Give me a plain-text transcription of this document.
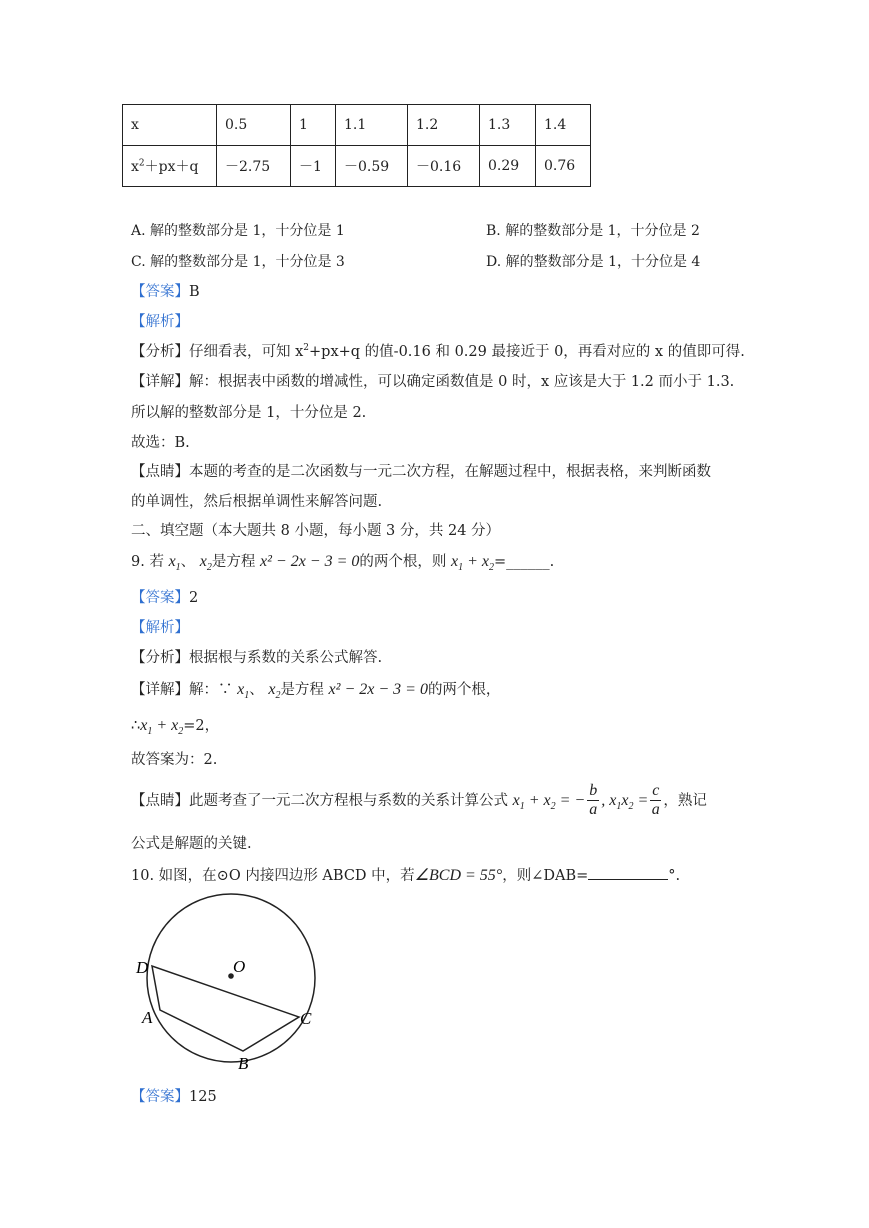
x	0.5	1	1.1	1.2	1.3	1.4
$x^2+px+q$	－2.75	－1	－0.59	－0.16	0.29	0.76
A. 解的整数部分是 1，十分位是 1	B. 解的整数部分是 1，十分位是 2
C. 解的整数部分是 1，十分位是 3	D. 解的整数部分是 1，十分位是 4
【答案】B
【解析】
【分析】仔细看表，可知 $x^2+px+q$ 的值-0.16 和 0.29 最接近于 0，再看对应的 x 的值即可得.
【详解】解：根据表中函数的增减性，可以确定函数值是 0 时，x 应该是大于 1.2 而小于 1.3.
所以解的整数部分是 1，十分位是 2.
故选：B.
【点睛】本题的考查的是二次函数与一元二次方程，在解题过程中，根据表格，来判断函数
的单调性，然后根据单调性来解答问题.
二、填空题（本大题共 8 小题，每小题 3 分，共 24 分）
9. 若 $x_1$、 $x_2$是方程 x² − 2x − 3 = 0的两个根，则 $x_1$ + $x_2=\_\_\_\_\_\_$.
【答案】2
【解析】
【分析】根据根与系数的关系公式解答.
【详解】解：∵ $x_1$、 $x_2$是方程 x² − 2x − 3 = 0的两个根，
$\therefore x_1 + x_2=2$，
故答案为：2.
【点睛】此题考查了一元二次方程根与系数的关系计算公式 $x_1 + x_2$ = − $\frac{b}{a}$ , $x_1x_2 = \frac{c}{a}$ ，熟记
公式是解题的关键.
10. 如图，在⊙O 内接四边形 ABCD 中，若∠BCD = 55°，则∠DAB=	°.
O
D
A
B
C
【答案】125
